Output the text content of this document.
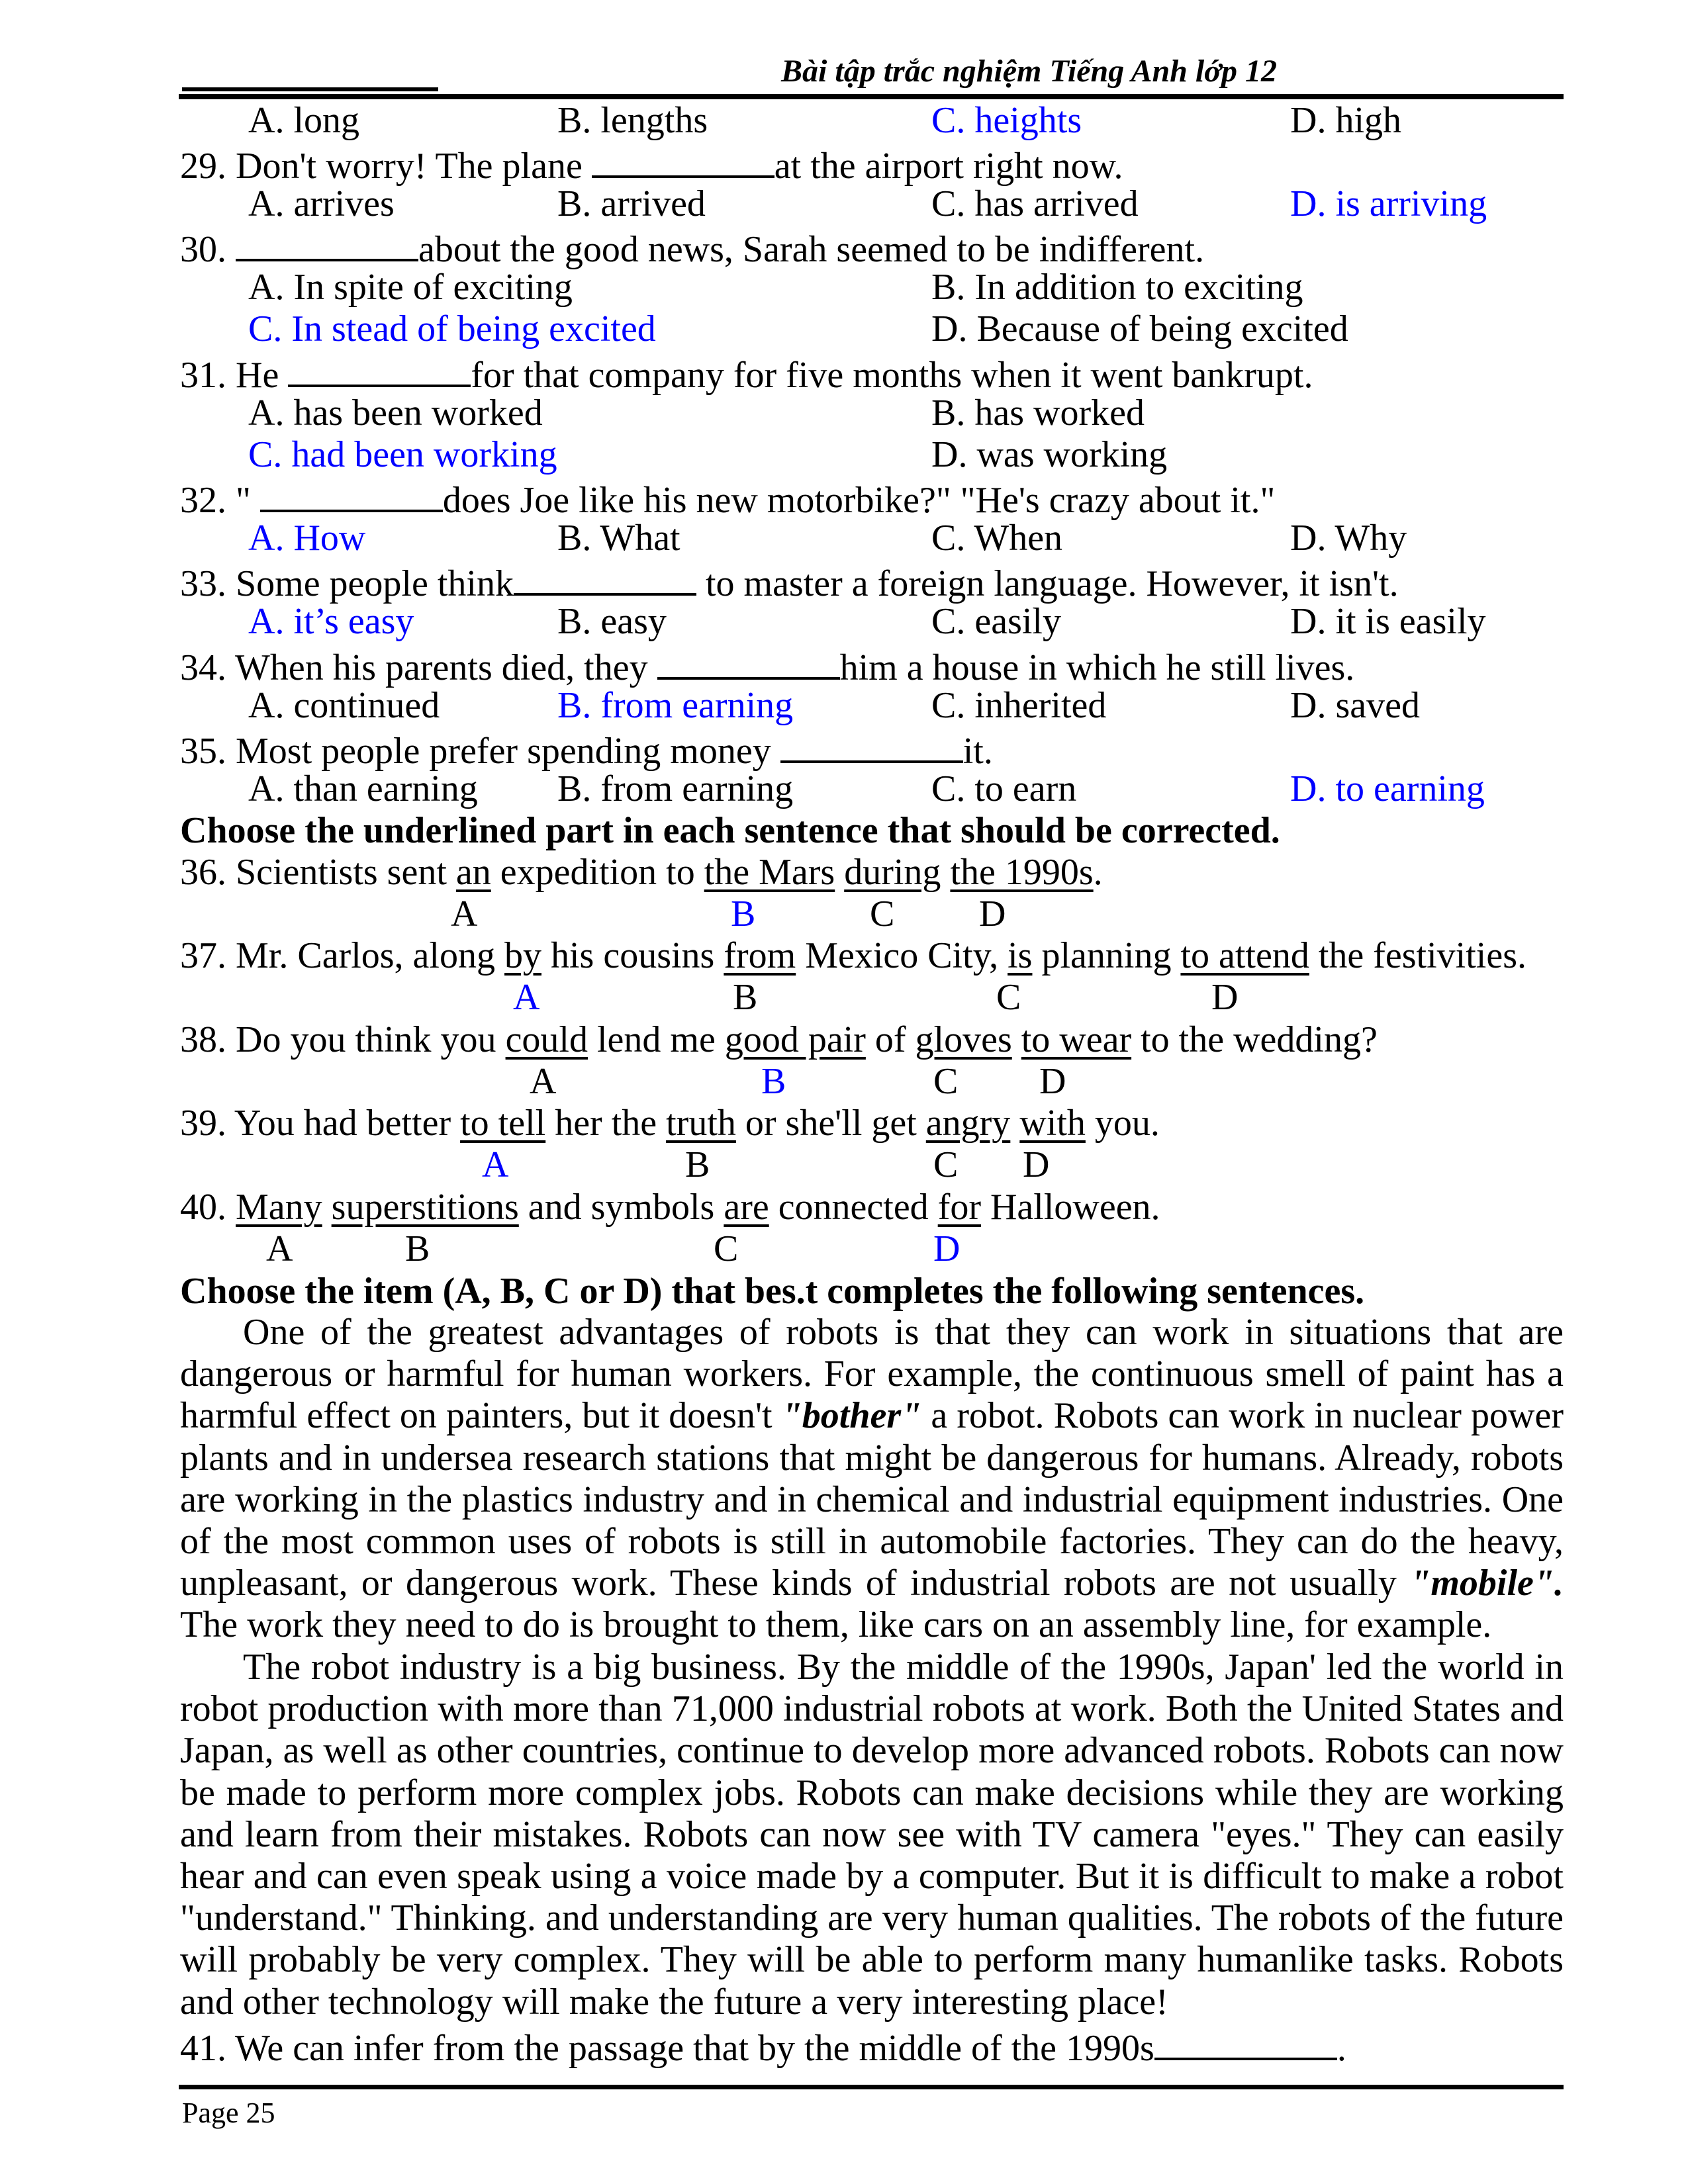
Bài tập trắc nghiệm Tiếng Anh lớp 12
A. long	B. lengths	C. heights	D. high
29. Don't worry! The plane	at the airport right now.
A. arrives	B. arrived	C. has arrived	D. is arriving
30.	about the good news, Sarah seemed to be indifferent.
A. In spite of exciting	B. In addition to exciting
C. In stead of being excited	D. Because of being excited
31. He	for that company for five months when it went bankrupt.
A. has been worked	B. has worked
C. had been working	D. was working
32. "	does Joe like his new motorbike?" "He's crazy about it."
A. How	B. What	C. When	D. Why
33. Some people think	to master a foreign language. However, it isn't.
A. it’s easy	B. easy	C. easily	D. it is easily
34. When his parents died, they	him a house in which he still lives.
A. continued	B. from earning	C. inherited	D. saved
35. Most people prefer spending money	it.
A. than earning B. from earning	C. to earn	D. to earning
Choose the underlined part in each sentence that should be corrected.
36. Scientists sent an expedition to the Mars during the 1990s.
A	B	C D
37. Mr. Carlos, along by his cousins from Mexico City, is planning to attend the festivities.
A	B	C	D
38. Do you think you could lend me good pair of gloves to wear to the wedding?
A	B	C D
39. You had better to tell her the truth or she'll get angry with you.
A	B	C D
40. Many superstitions and symbols are connected for Halloween.
A	B	C	D
Choose the item (A, B, C or D) that bes.t completes the following sentences.
One of the greatest advantages of robots is that they can work in situations that are dangerous or harmful for human workers. For example, the continuous smell of paint has a harmful effect on painters, but it doesn't "bother" a robot. Robots can work in nuclear power plants and in undersea research stations that might be dangerous for humans. Already, robots are working in the plastics industry and in chemical and industrial equipment industries. One of the most common uses of robots is still in automobile factories. They can do the heavy, unpleasant, or dangerous work. These kinds of industrial robots are not usually "mobile". The work they need to do is brought to them, like cars on an assembly line, for example.
The robot industry is a big business. By the middle of the 1990s, Japan' led the world in robot production with more than 71,000 industrial robots at work. Both the United States and Japan, as well as other countries, continue to develop more advanced robots. Robots can now be made to perform more complex jobs. Robots can make decisions while they are working and learn from their mistakes. Robots can now see with TV camera "eyes." They can easily hear and can even speak using a voice made by a computer. But it is difficult to make a robot "understand." Thinking. and understanding are very human qualities. The robots of the future will probably be very complex. They will be able to perform many humanlike tasks. Robots and other technology will make the future a very interesting place!
41. We can infer from the passage that by the middle of the 1990s	.
Page 25
